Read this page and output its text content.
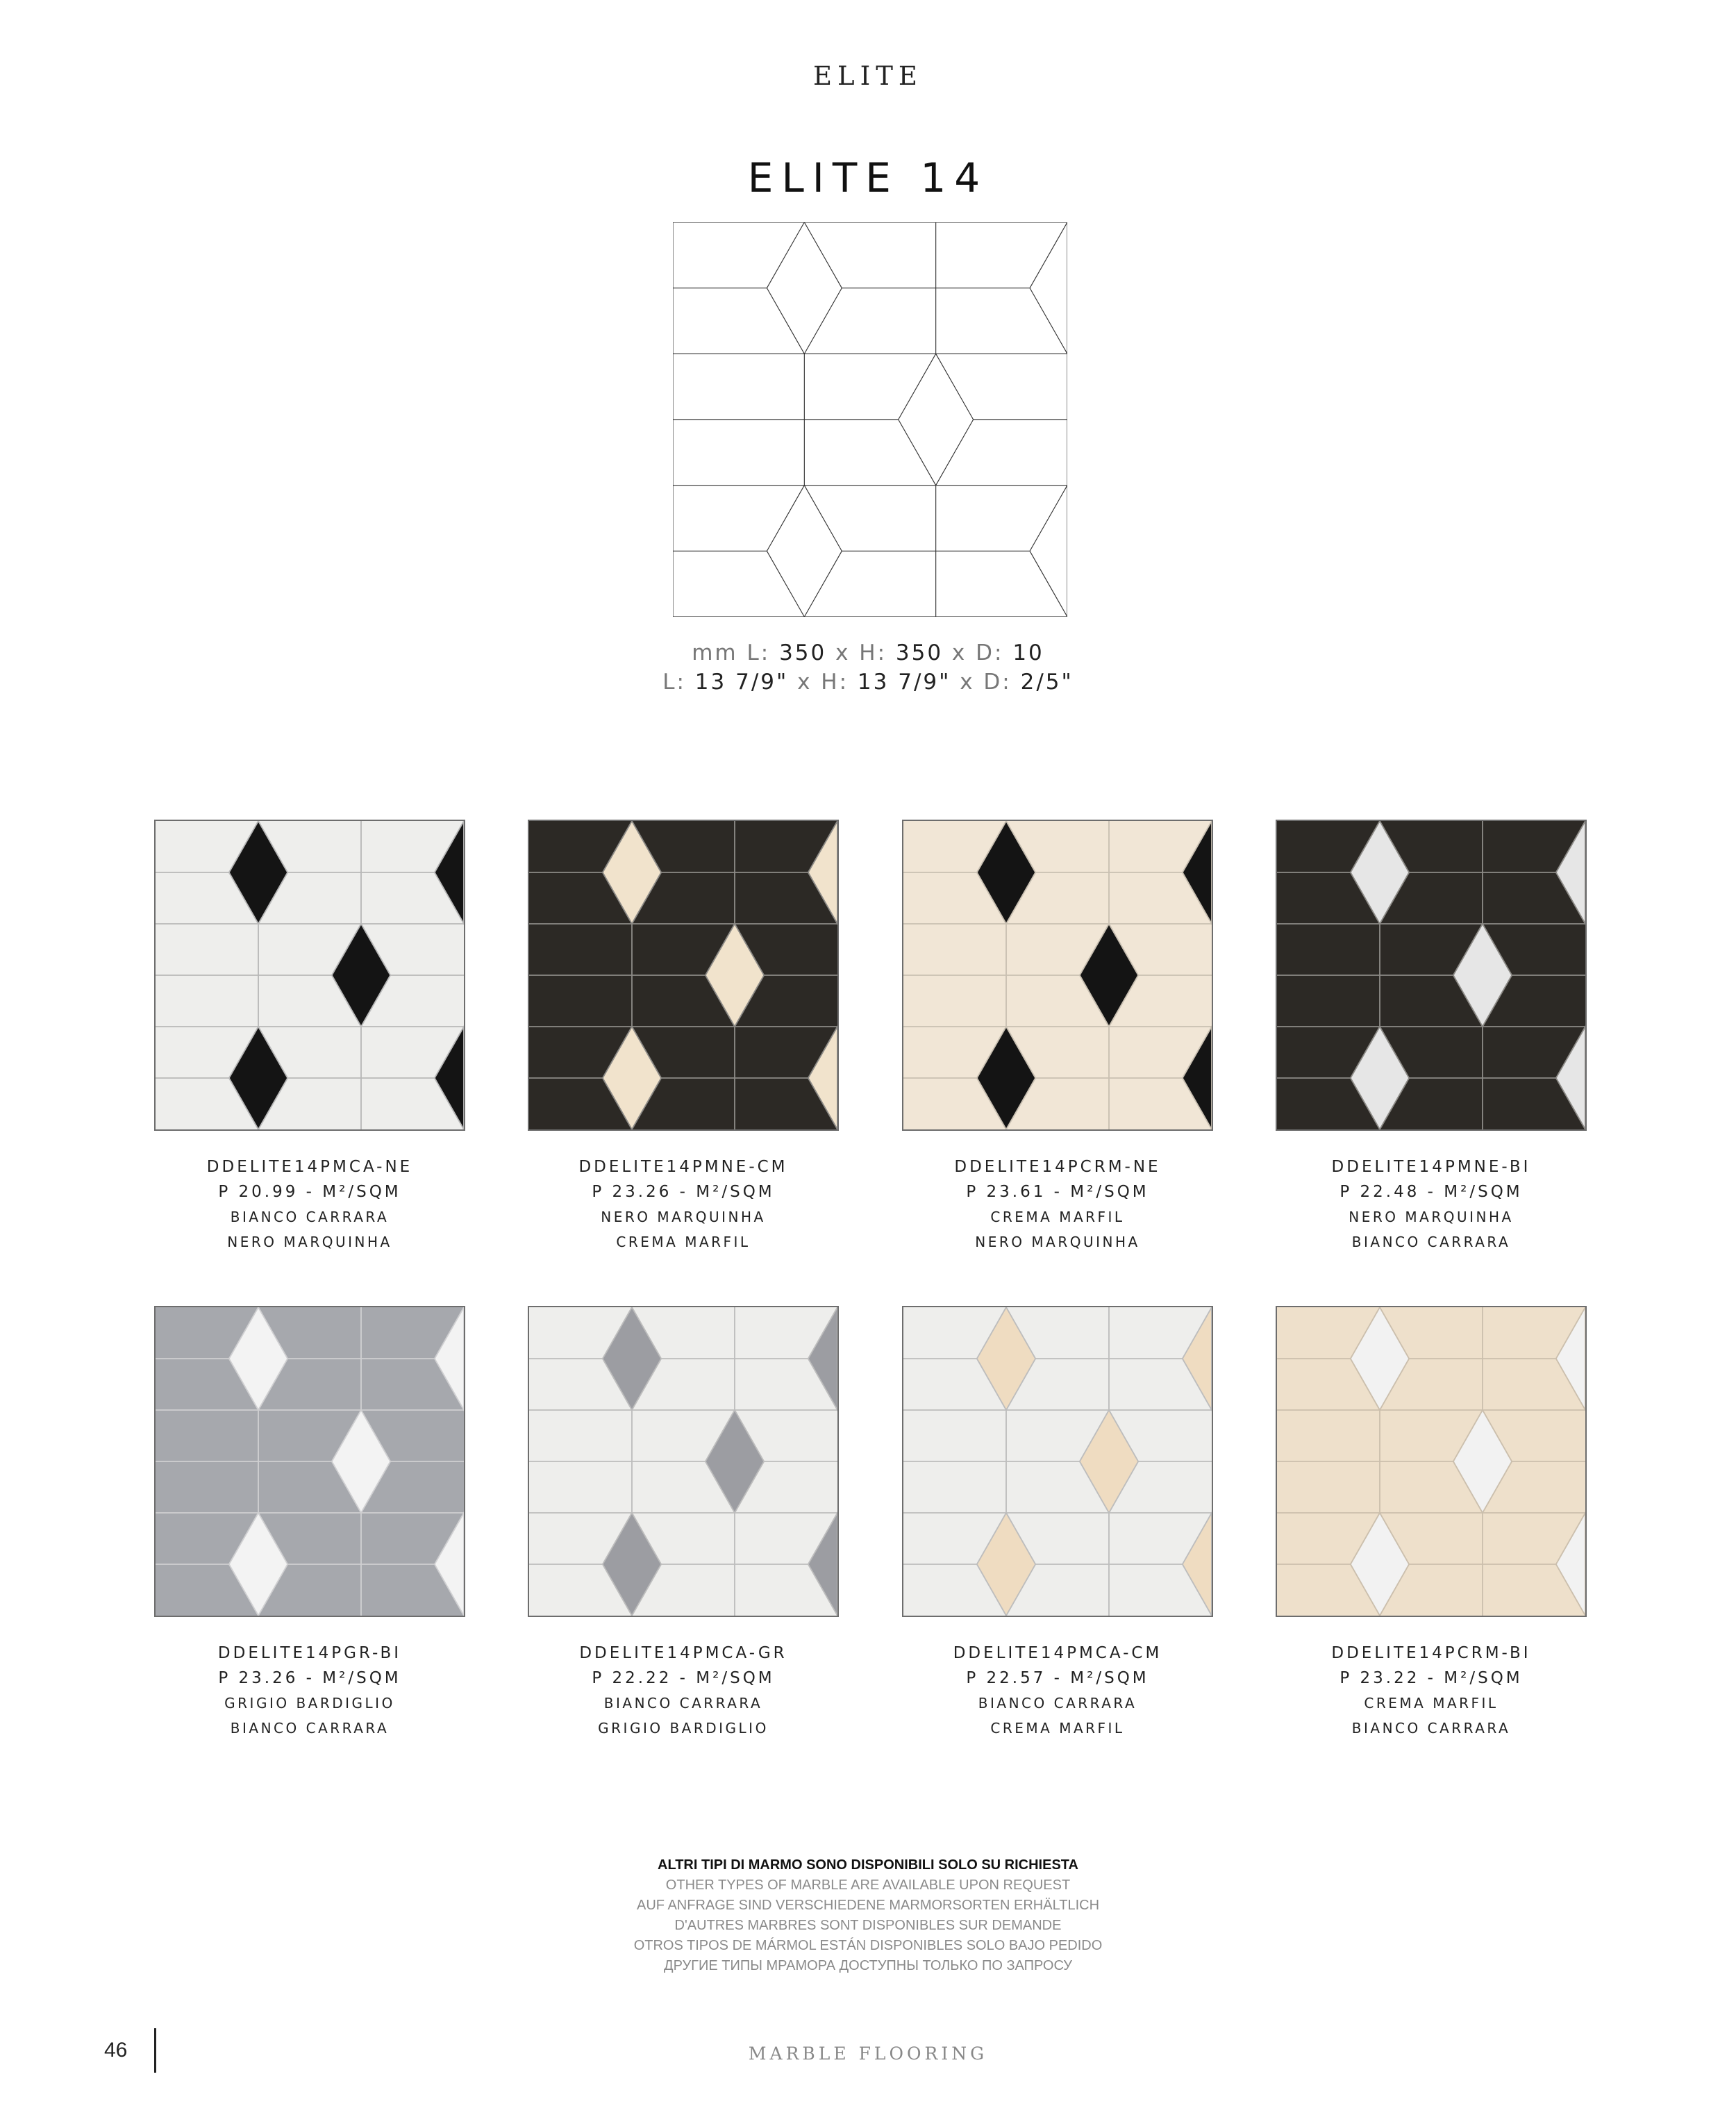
ELITE
ELITE 14
mm L: 350 x H: 350 x D: 10
L: 13 7/9" x H: 13 7/9" x D: 2/5"
DDELITE14PMCA-NE
P 20.99 - M²/SQM
BIANCO CARRARA
NERO MARQUINHA
DDELITE14PMNE-CM
P 23.26 - M²/SQM
NERO MARQUINHA
CREMA MARFIL
DDELITE14PCRM-NE
P 23.61 - M²/SQM
CREMA MARFIL
NERO MARQUINHA
DDELITE14PMNE-BI
P 22.48 - M²/SQM
NERO MARQUINHA
BIANCO CARRARA
DDELITE14PGR-BI
P 23.26 - M²/SQM
GRIGIO BARDIGLIO
BIANCO CARRARA
DDELITE14PMCA-GR
P 22.22 - M²/SQM
BIANCO CARRARA
GRIGIO BARDIGLIO
DDELITE14PMCA-CM
P 22.57 - M²/SQM
BIANCO CARRARA
CREMA MARFIL
DDELITE14PCRM-BI
P 23.22 - M²/SQM
CREMA MARFIL
BIANCO CARRARA
ALTRI TIPI DI MARMO SONO DISPONIBILI SOLO SU RICHIESTA
OTHER TYPES OF MARBLE ARE AVAILABLE UPON REQUEST
AUF ANFRAGE SIND VERSCHIEDENE MARMORSORTEN ERHÄLTLICH
D'AUTRES MARBRES SONT DISPONIBLES SUR DEMANDE
OTROS TIPOS DE MÁRMOL ESTÁN DISPONIBLES SOLO BAJO PEDIDO
ДРУГИЕ ТИПЫ МРАМОРА ДОСТУПНЫ ТОЛЬКО ПО ЗАПРОСУ
46	MARBLE FLOORING
